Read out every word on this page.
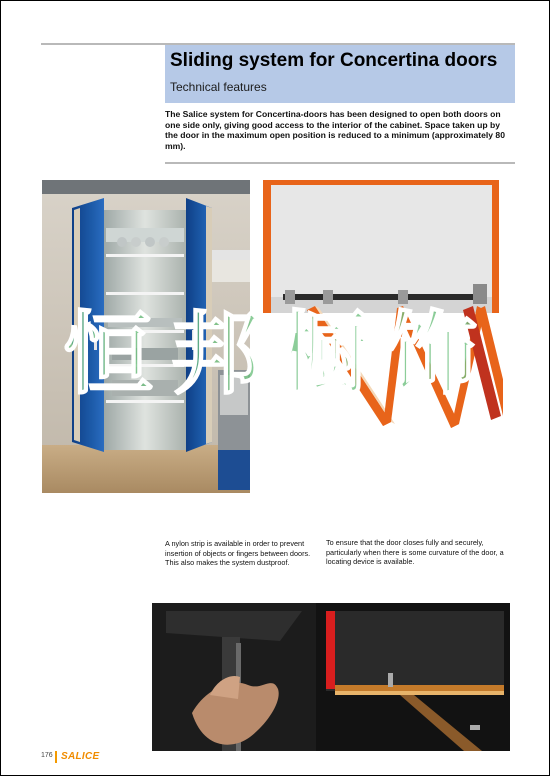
Sliding system for Concertina doors
Technical features
The Salice system for Concertina-doors has been designed to open both doors on one side only, giving good access to the interior of the cabinet. Space taken up by the door in the maximum open position is reduced to a minimum (approximately 80 mm).
恒邦橱饰
A nylon strip is available in order to prevent insertion of objects or fingers between doors. This also makes the system dustproof.
To ensure that the door closes fully and securely, particularly when there is some curvature of the door, a locating device is available.
176 SALICE
